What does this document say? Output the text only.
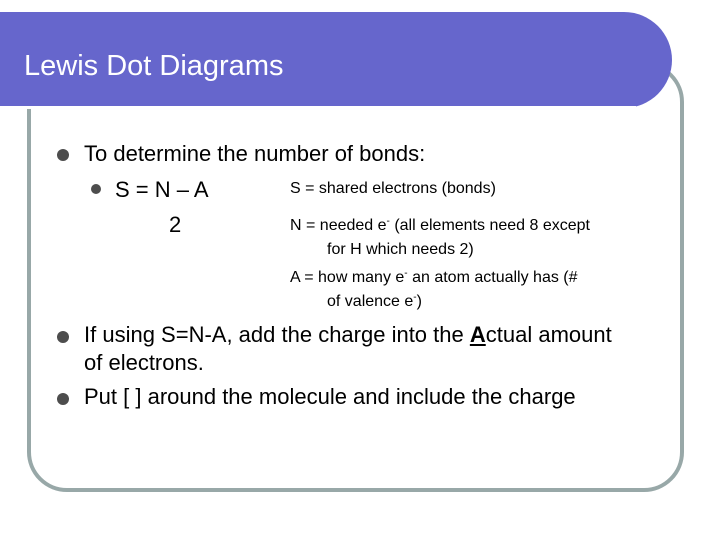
Lewis Dot Diagrams
To determine the number of bonds:
S = N – A
2
S = shared electrons (bonds)
N = needed e- (all elements need 8 except
for H which needs 2)
A = how many e- an atom actually has (#
of valence e-)
If using S=N-A, add the charge into the Actual amount
of electrons.
Put [ ] around the molecule and include the charge
